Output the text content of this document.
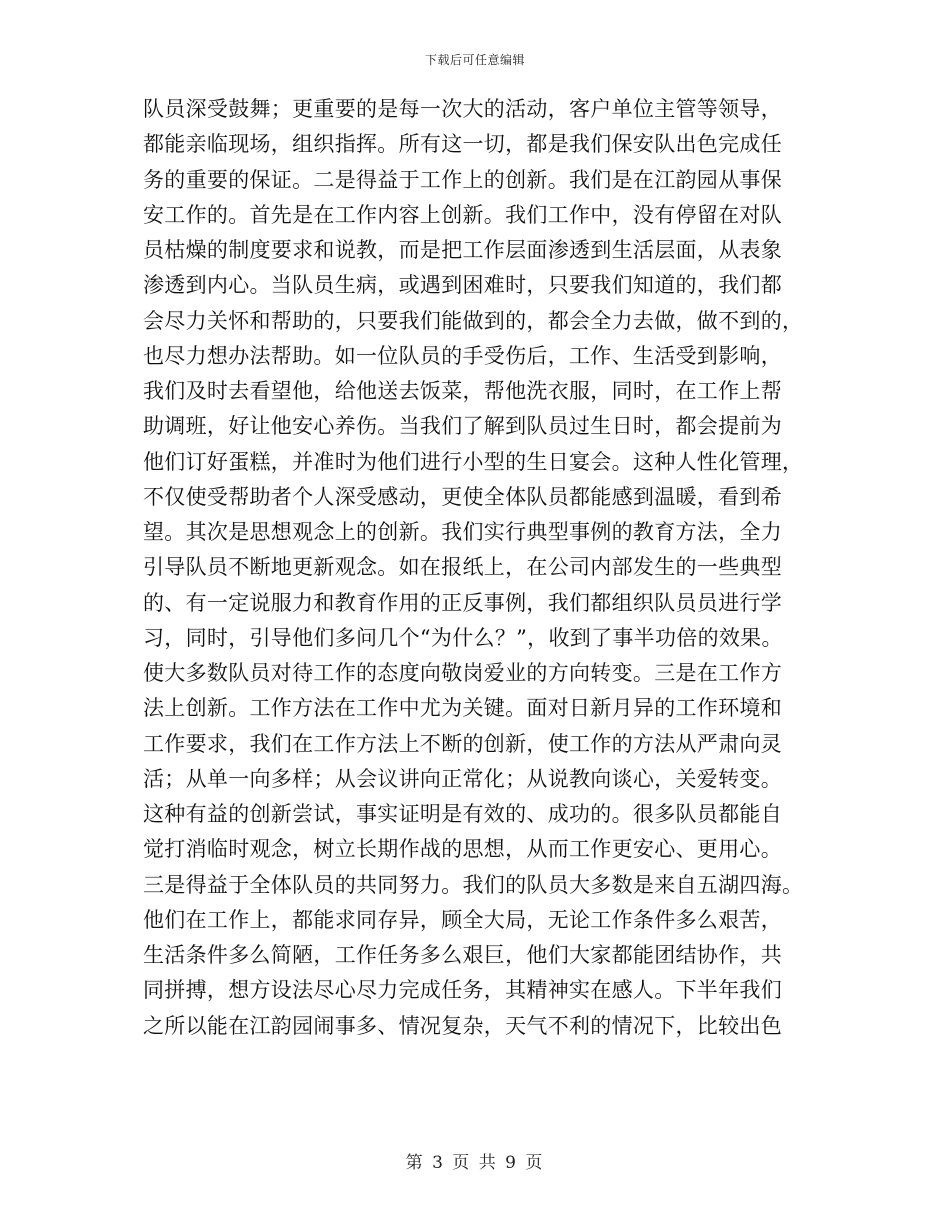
下载后可任意编辑
队员深受鼓舞；更重要的是每一次大的活动，客户单位主管等领导，
都能亲临现场，组织指挥。所有这一切，都是我们保安队出色完成任
务的重要的保证。二是得益于工作上的创新。我们是在江韵园从事保
安工作的。首先是在工作内容上创新。我们工作中，没有停留在对队
员枯燥的制度要求和说教，而是把工作层面渗透到生活层面，从表象
渗透到内心。当队员生病，或遇到困难时，只要我们知道的，我们都
会尽力关怀和帮助的，只要我们能做到的，都会全力去做，做不到的，
也尽力想办法帮助。如一位队员的手受伤后，工作、生活受到影响，
我们及时去看望他，给他送去饭菜，帮他洗衣服，同时，在工作上帮
助调班，好让他安心养伤。当我们了解到队员过生日时，都会提前为
他们订好蛋糕，并准时为他们进行小型的生日宴会。这种人性化管理，
不仅使受帮助者个人深受感动，更使全体队员都能感到温暖，看到希
望。其次是思想观念上的创新。我们实行典型事例的教育方法，全力
引导队员不断地更新观念。如在报纸上，在公司内部发生的一些典型
的、有一定说服力和教育作用的正反事例，我们都组织队员员进行学
习，同时，引导他们多问几个“为什么？”，收到了事半功倍的效果。
使大多数队员对待工作的态度向敬岗爱业的方向转变。三是在工作方
法上创新。工作方法在工作中尤为关键。面对日新月异的工作环境和
工作要求，我们在工作方法上不断的创新，使工作的方法从严肃向灵
活；从单一向多样；从会议讲向正常化；从说教向谈心，关爱转变。
这种有益的创新尝试，事实证明是有效的、成功的。很多队员都能自
觉打消临时观念，树立长期作战的思想，从而工作更安心、更用心。
三是得益于全体队员的共同努力。我们的队员大多数是来自五湖四海。
他们在工作上，都能求同存异，顾全大局，无论工作条件多么艰苦，
生活条件多么简陋，工作任务多么艰巨，他们大家都能团结协作，共
同拼搏，想方设法尽心尽力完成任务，其精神实在感人。下半年我们
之所以能在江韵园闹事多、情况复杂，天气不利的情况下，比较出色
第 3 页 共 9 页
